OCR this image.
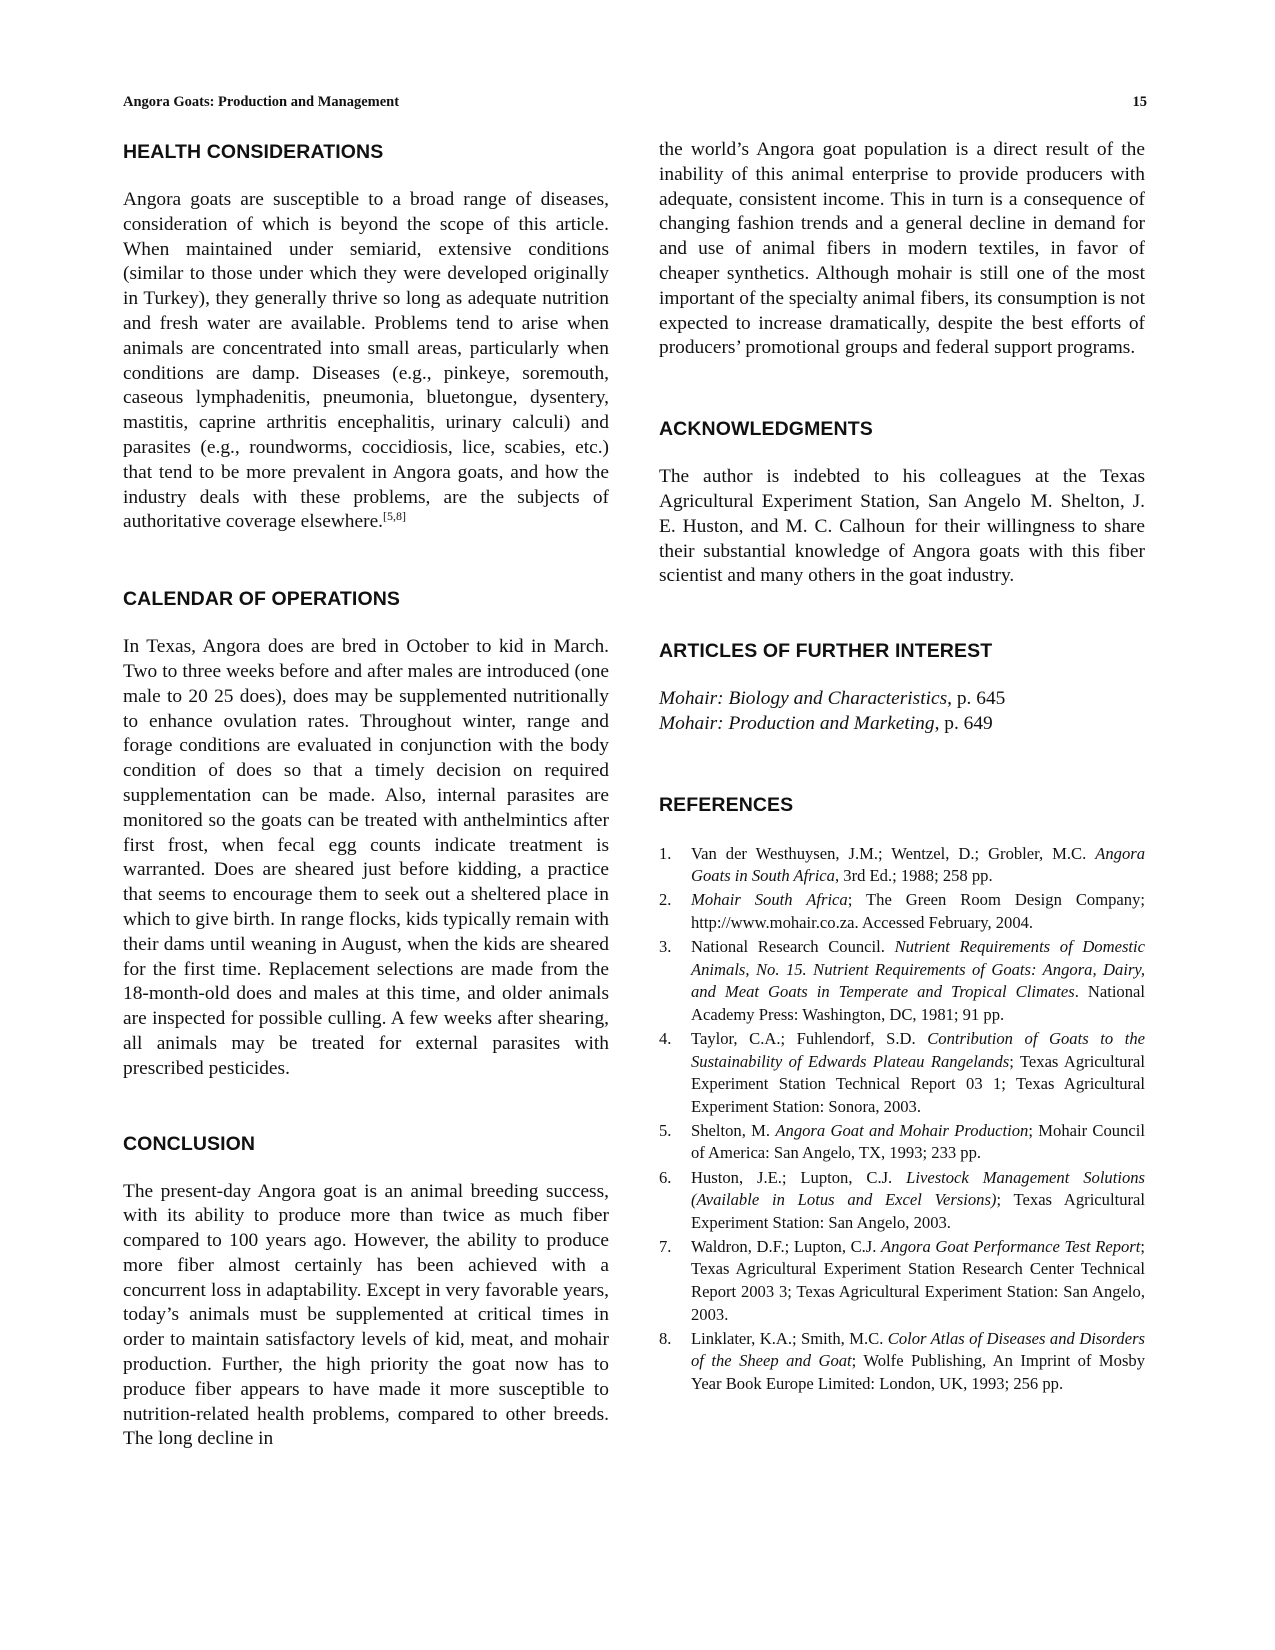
Angora Goats: Production and Management	15
HEALTH CONSIDERATIONS

Angora goats are susceptible to a broad range of diseases, consideration of which is beyond the scope of this article. When maintained under semiarid, extensive conditions (similar to those under which they were developed originally in Turkey), they generally thrive so long as adequate nutrition and fresh water are available. Problems tend to arise when animals are concentrated into small areas, particularly when conditions are damp. Diseases (e.g., pinkeye, soremouth, caseous lymphadenitis, pneumonia, bluetongue, dysentery, mastitis, caprine arthritis encephalitis, urinary calculi) and parasites (e.g., roundworms, coccidiosis, lice, scabies, etc.) that tend to be more prevalent in Angora goats, and how the industry deals with these problems, are the subjects of authoritative coverage elsewhere.[5,8]

CALENDAR OF OPERATIONS

In Texas, Angora does are bred in October to kid in March. Two to three weeks before and after males are introduced (one male to 20 25 does), does may be supplemented nutritionally to enhance ovulation rates. Throughout winter, range and forage conditions are evaluated in conjunction with the body condition of does so that a timely decision on required supplementation can be made. Also, internal parasites are monitored so the goats can be treated with anthelmintics after first frost, when fecal egg counts indicate treatment is warranted. Does are sheared just before kidding, a practice that seems to encourage them to seek out a sheltered place in which to give birth. In range flocks, kids typically remain with their dams until weaning in August, when the kids are sheared for the first time. Replacement selections are made from the 18-month-old does and males at this time, and older animals are inspected for possible culling. A few weeks after shearing, all animals may be treated for external parasites with prescribed pesticides.

CONCLUSION

The present-day Angora goat is an animal breeding success, with its ability to produce more than twice as much fiber compared to 100 years ago. However, the ability to produce more fiber almost certainly has been achieved with a concurrent loss in adaptability. Except in very favorable years, today’s animals must be supplemented at critical times in order to maintain satisfactory levels of kid, meat, and mohair production. Further, the high priority the goat now has to produce fiber appears to have made it more susceptible to nutrition-related health problems, compared to other breeds. The long decline in

the world’s Angora goat population is a direct result of the inability of this animal enterprise to provide producers with adequate, consistent income. This in turn is a consequence of changing fashion trends and a general decline in demand for and use of animal fibers in modern textiles, in favor of cheaper synthetics. Although mohair is still one of the most important of the specialty animal fibers, its consumption is not expected to increase dramatically, despite the best efforts of producers’ promotional groups and federal support programs.

ACKNOWLEDGMENTS

The author is indebted to his colleagues at the Texas Agricultural Experiment Station, San Angelo M. Shelton, J. E. Huston, and M. C. Calhoun for their willingness to share their substantial knowledge of Angora goats with this fiber scientist and many others in the goat industry.

ARTICLES OF FURTHER INTEREST
Mohair: Biology and Characteristics, p. 645
Mohair: Production and Marketing, p. 649
REFERENCES
1.	Van der Westhuysen, J.M.; Wentzel, D.; Grobler, M.C. Angora Goats in South Africa, 3rd Ed.; 1988; 258 pp.
2.	Mohair South Africa; The Green Room Design Company; http://www.mohair.co.za. Accessed February, 2004.
3.	National Research Council. Nutrient Requirements of Domestic Animals, No. 15. Nutrient Requirements of Goats: Angora, Dairy, and Meat Goats in Temperate and Tropical Climates. National Academy Press: Washington, DC, 1981; 91 pp.
4.	Taylor, C.A.; Fuhlendorf, S.D. Contribution of Goats to the Sustainability of Edwards Plateau Rangelands; Texas Agricultural Experiment Station Technical Report 03 1; Texas Agricultural Experiment Station: Sonora, 2003.
5.	Shelton, M. Angora Goat and Mohair Production; Mohair Council of America: San Angelo, TX, 1993; 233 pp.
6.	Huston, J.E.; Lupton, C.J. Livestock Management Solutions (Available in Lotus and Excel Versions); Texas Agricultural Experiment Station: San Angelo, 2003.
7.	Waldron, D.F.; Lupton, C.J. Angora Goat Performance Test Report; Texas Agricultural Experiment Station Research Center Technical Report 2003 3; Texas Agricultural Experiment Station: San Angelo, 2003.
8.	Linklater, K.A.; Smith, M.C. Color Atlas of Diseases and Disorders of the Sheep and Goat; Wolfe Publishing, An Imprint of Mosby Year Book Europe Limited: London, UK, 1993; 256 pp.
